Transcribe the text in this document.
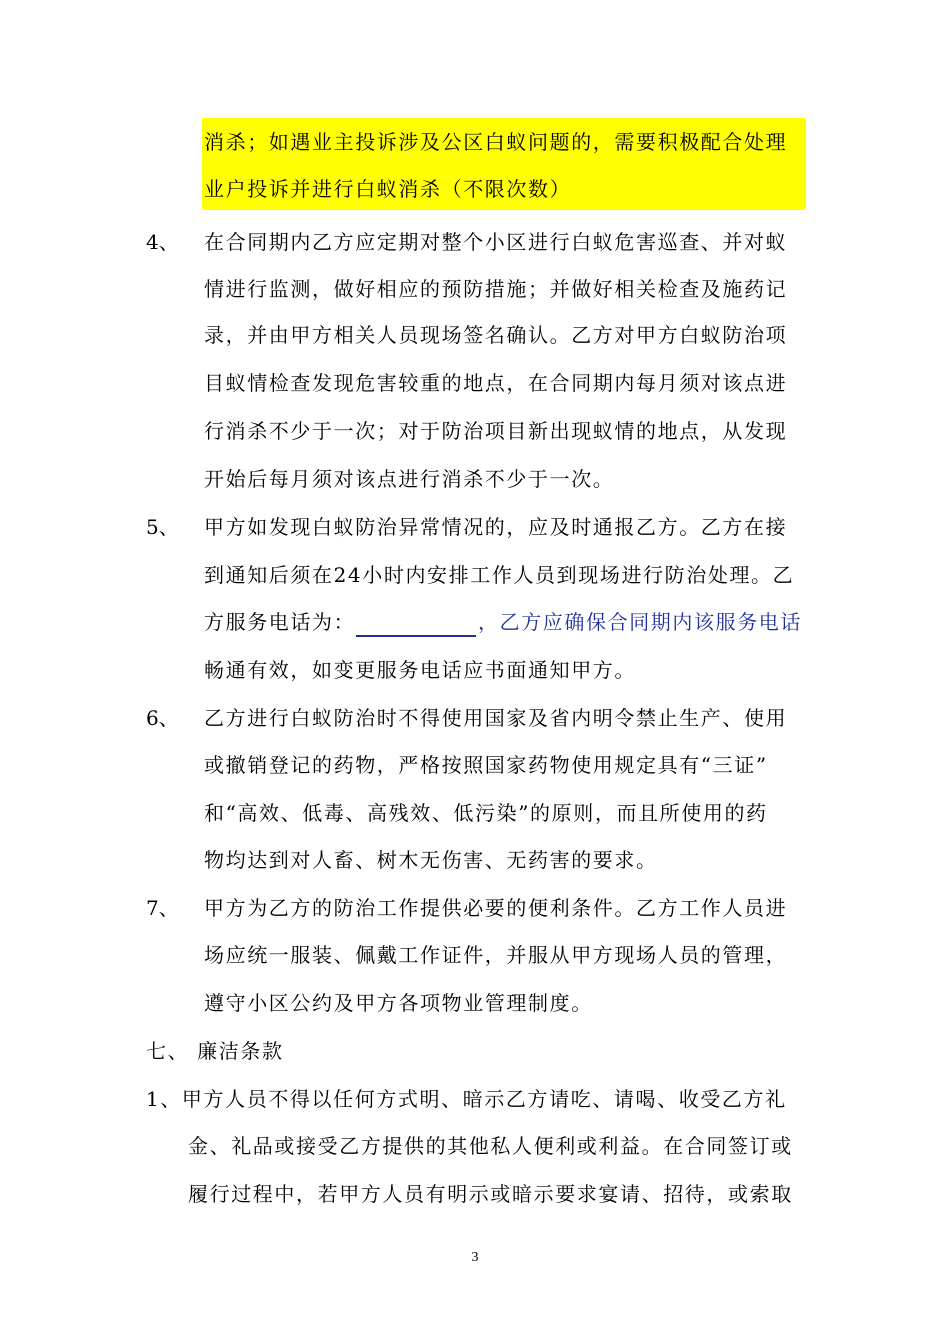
消杀；如遇业主投诉涉及公区白蚁问题的，需要积极配合处理
业户投诉并进行白蚁消杀（不限次数）
4、 在合同期内乙方应定期对整个小区进行白蚁危害巡查、并对蚁
情进行监测，做好相应的预防措施；并做好相关检查及施药记
录，并由甲方相关人员现场签名确认。乙方对甲方白蚁防治项
目蚁情检查发现危害较重的地点，在合同期内每月须对该点进
行消杀不少于一次；对于防治项目新出现蚁情的地点，从发现
开始后每月须对该点进行消杀不少于一次。
5、 甲方如发现白蚁防治异常情况的，应及时通报乙方。乙方在接
到通知后须在24小时内安排工作人员到现场进行防治处理。乙
方服务电话为：	，乙方应确保合同期内该服务电话
畅通有效，如变更服务电话应书面通知甲方。
6、 乙方进行白蚁防治时不得使用国家及省内明令禁止生产、使用
或撤销登记的药物，严格按照国家药物使用规定具有“三证”
和“高效、低毒、高残效、低污染”的原则，而且所使用的药
物均达到对人畜、树木无伤害、无药害的要求。
7、 甲方为乙方的防治工作提供必要的便利条件。乙方工作人员进
场应统一服装、佩戴工作证件，并服从甲方现场人员的管理，
遵守小区公约及甲方各项物业管理制度。
七、 廉洁条款
1、甲方人员不得以任何方式明、暗示乙方请吃、请喝、收受乙方礼
金、礼品或接受乙方提供的其他私人便利或利益。在合同签订或
履行过程中，若甲方人员有明示或暗示要求宴请、招待，或索取
3
